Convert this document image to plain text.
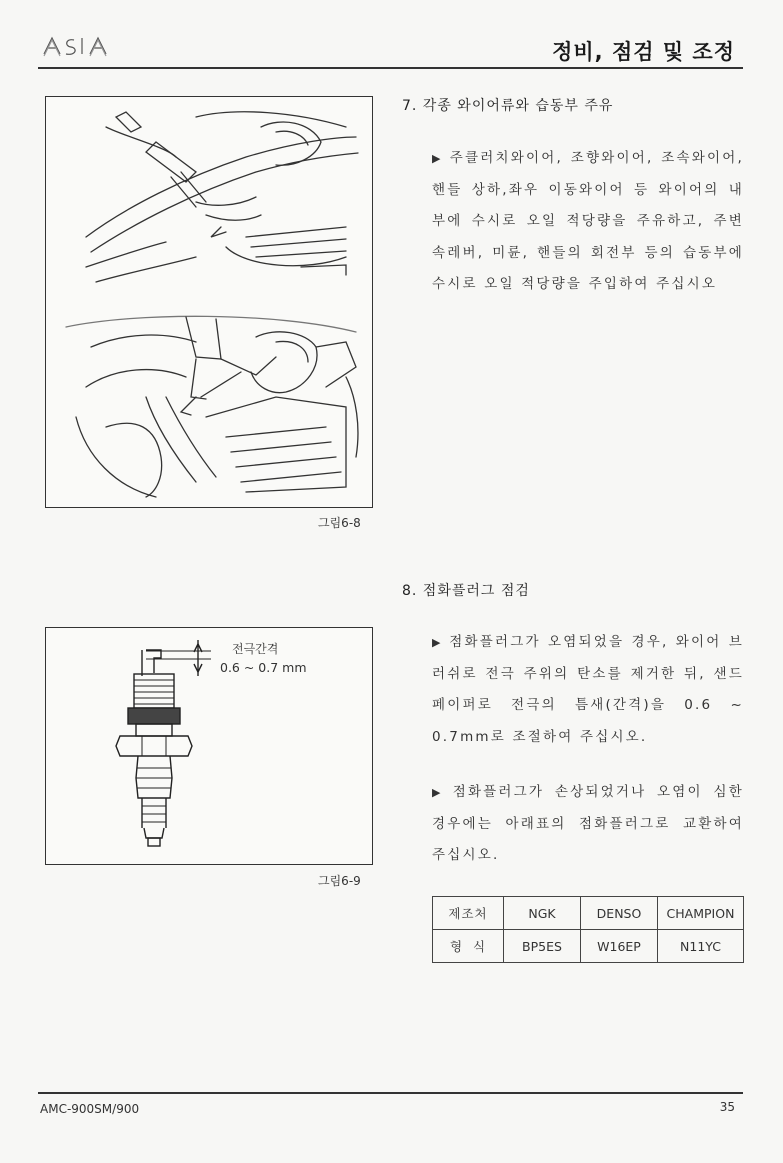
정비, 점검 및 조정
그림6-8
7. 각종 와이어류와 습동부 주유
▶ 주클러치와이어, 조향와이어, 조속와이어, 핸들 상하,좌우 이동와이어 등 와이어의 내부에 수시로 오일 적당량을 주유하고, 주변속레버, 미륜, 핸들의 회전부 등의 습동부에 수시로 오일 적당량을 주입하여 주십시오
전극간격
0.6 ~ 0.7 mm
그림6-9
8. 점화플러그 점검
▶ 점화플러그가 오염되었을 경우, 와이어 브러쉬로 전극 주위의 탄소를 제거한 뒤, 샌드페이퍼로 전극의 틈새(간격)을 0.6 ~ 0.7mm로 조절하여 주십시오.
▶ 점화플러그가 손상되었거나 오염이 심한 경우에는 아래표의 점화플러그로 교환하여 주십시오.
제조처	NGK	DENSO	CHAMPION
형  식	BP5ES	W16EP	N11YC
AMC-900SM/900	35
